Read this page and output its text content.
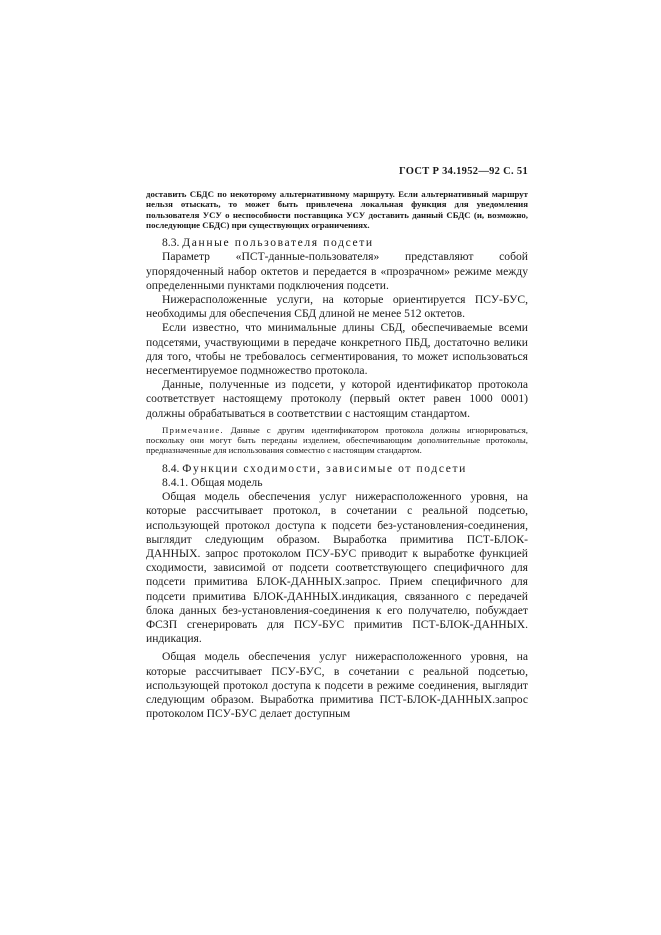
ГОСТ Р 34.1952—92 С. 51

доставить СБДС по некоторому альтернативному маршруту. Если альтернативный маршрут нельзя отыскать, то может быть привлечена локальная функция для уведомления пользователя УСУ о неспособности поставщика УСУ доставить данный СБДС (и, возможно, последующие СБДС) при существующих ограничениях.

8.3. Данные пользователя подсети

Параметр «ПСТ-данные-пользователя» представляют собой упорядоченный набор октетов и передается в «прозрачном» режиме между определенными пунктами подключения подсети.

Нижерасположенные услуги, на которые ориентируется ПСУ-БУС, необходимы для обеспечения СБД длиной не менее 512 октетов.

Если известно, что минимальные длины СБД, обеспечиваемые всеми подсетями, участвующими в передаче конкретного ПБД, достаточно велики для того, чтобы не требовалось сегментирования, то может использоваться несегментируемое подмножество протокола.

Данные, полученные из подсети, у которой идентификатор протокола соответствует настоящему протоколу (первый октет равен 1000 0001) должны обрабатываться в соответствии с настоящим стандартом.

Примечание. Данные с другим идентификатором протокола должны игнорироваться, поскольку они могут быть переданы изделием, обеспечивающим дополнительные протоколы, предназначенные для использования совместно с настоящим стандартом.

8.4. Функции сходимости, зависимые от подсети

8.4.1. Общая модель

Общая модель обеспечения услуг нижерасположенного уровня, на которые рассчитывает протокол, в сочетании с реальной подсетью, использующей протокол доступа к подсети без-установления-соединения, выглядит следующим образом. Выработка примитива ПСТ-БЛОК-ДАННЫХ. запрос протоколом ПСУ-БУС приводит к выработке функцией сходимости, зависимой от подсети соответствующего специфичного для подсети примитива БЛОК-ДАННЫХ.запрос. Прием специфичного для подсети примитива БЛОК-ДАННЫХ.индикация, связанного с передачей блока данных без-установления-соединения к его получателю, побуждает ФСЗП сгенерировать для ПСУ-БУС примитив ПСТ-БЛОК-ДАННЫХ. индикация.

Общая модель обеспечения услуг нижерасположенного уровня, на которые рассчитывает ПСУ-БУС, в сочетании с реальной подсетью, использующей протокол доступа к подсети в режиме соединения, выглядит следующим образом. Выработка примитива ПСТ-БЛОК-ДАННЫХ.запрос протоколом ПСУ-БУС делает доступным
